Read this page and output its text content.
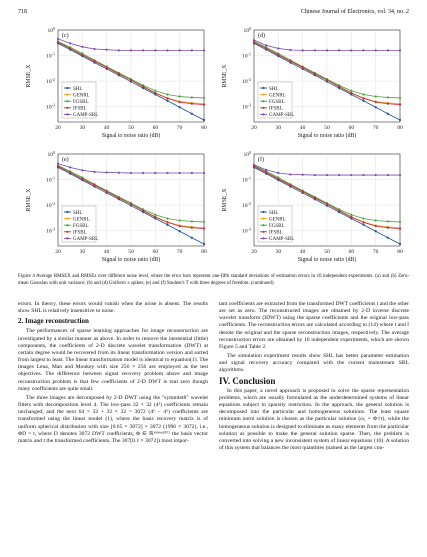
718	Chinese Journal of Electronics, vol. 34, no. 2
20	30	40	50	60	70	80
$10^0$
$10^{-1}$
$10^{-2}$
$10^{-3}$
Signal to noise ratio (dB)
RMSE_X
(c)
SHL
GENRL
FGSBL
IFSBL
GAMP-SBL
20	30	40	50	60	70	80
$10^0$
$10^{-1}$
$10^{-2}$
$10^{-3}$
Signal to noise ratio (dB)
RMSE_X
(d)
SHL
GENRL
FGSBL
IFSBL
GAMP-SBL
20	30	40	50	60	70	80
$10^0$
$10^{-1}$
$10^{-2}$
$10^{-3}$
Signal to noise ratio (dB)
RMSE_X
(e)
SHL
GENRL
FGSBL
IFSBL
GAMP-SBL
20	30	40	50	60	70	80
$10^0$
$10^{-1}$
$10^{-2}$
$10^{-3}$
Signal to noise ratio (dB)
RMSE_X
(f)
SHL
GENRL
FGSBL
IFSBL
GAMP-SBL
Figure 4 Average RMSEX and RMSEz over different noise level, where the error bars represent one-fifth standard deviations of estimation errors in 10 independent experiments. (a) and (b) Zero-mean Gaussian with unit variance; (b) and (d) Uniform ± spikes; (e) and (f) Student's T with three degrees of freedom. (continued).

errors. In theory, these errors would vanish when the noise is absent. The results show SHL is relatively insensitive to noise.

2. Image reconstruction

The performances of sparse learning approaches for image reconstruction are investigated by a similar manner as above. In order to remove the inessential (little) components, the coefficients of 2-D discrete wavelet transformation (DWT) at certain degree would be recovered from its linear transformation version and sorted from largest to least. The linear transformation model is identical to equation(1). The images Lena, Man and Monkey with size 256 × 256 are employed as the test objectives. The difference between signal recovery problem above and image reconstruction problem is that few coefficients of 2-D DWT is real zero though many coefficients are quite small.

The three images are decomposed by 2-D DWT using the "symmlet8" wavelet filters with decomposition level 4. The low-pass 32 × 32 (4²) coefficients remain unchanged, and the next 64 × 32 + 32 × 32 = 3072 (4⁶ − 4⁵) coefficients are transformed using the linear model (1), where the basis recovery matrix is of uniform spherical distribution with size [0.65 × 3072] × 3072 (1996 × 3072), i.e., ΦD = t, where D denotes 3072 DWT coefficients, Φ ∈ ℝ¹⁹⁹⁶ˣ³⁰⁷² the basis vector matrix and t the transformed coefficients. The 307[0.1 × 3072]) most impor-

tant coefficients are extracted from the transformed DWT coefficients t and the other are set as zero. The reconstructed images are obtained by 2-D inverse discrete wavelet transform (IDWT) using the sparse coefficients and the original low-pass coefficients. The reconstruction errors are calculated according to (14) where t and t̂ denote the original and the sparse reconstruction images, respectively. The average reconstruction errors are obtained by 10 independent experiments, which are shown Figure 5 and Table 2.

The simulation experiment results show SHL has better parameter estimation and signal recovery accuracy compared with the current mainstream SBL algorithms.

IV. Conclusion

In this paper, a novel approach is proposed to solve the sparse representation problems, which are usually formulated as the underdetermined systems of linear equations subject to sparsity restriction. In the approach, the general solution is decomposed into the particular and homogeneous solutions. The least square minimum norm solution is chosen as the particular solution (ω₁ = Φ†t), while the homogeneous solution is designed to eliminate as many elements from the particular solution as possible to make the general solution sparse. Then, the problem is converted into solving a new inconsistent system of linear equations (10). A solution of this system that balances the most quantities (named as the largest con-
